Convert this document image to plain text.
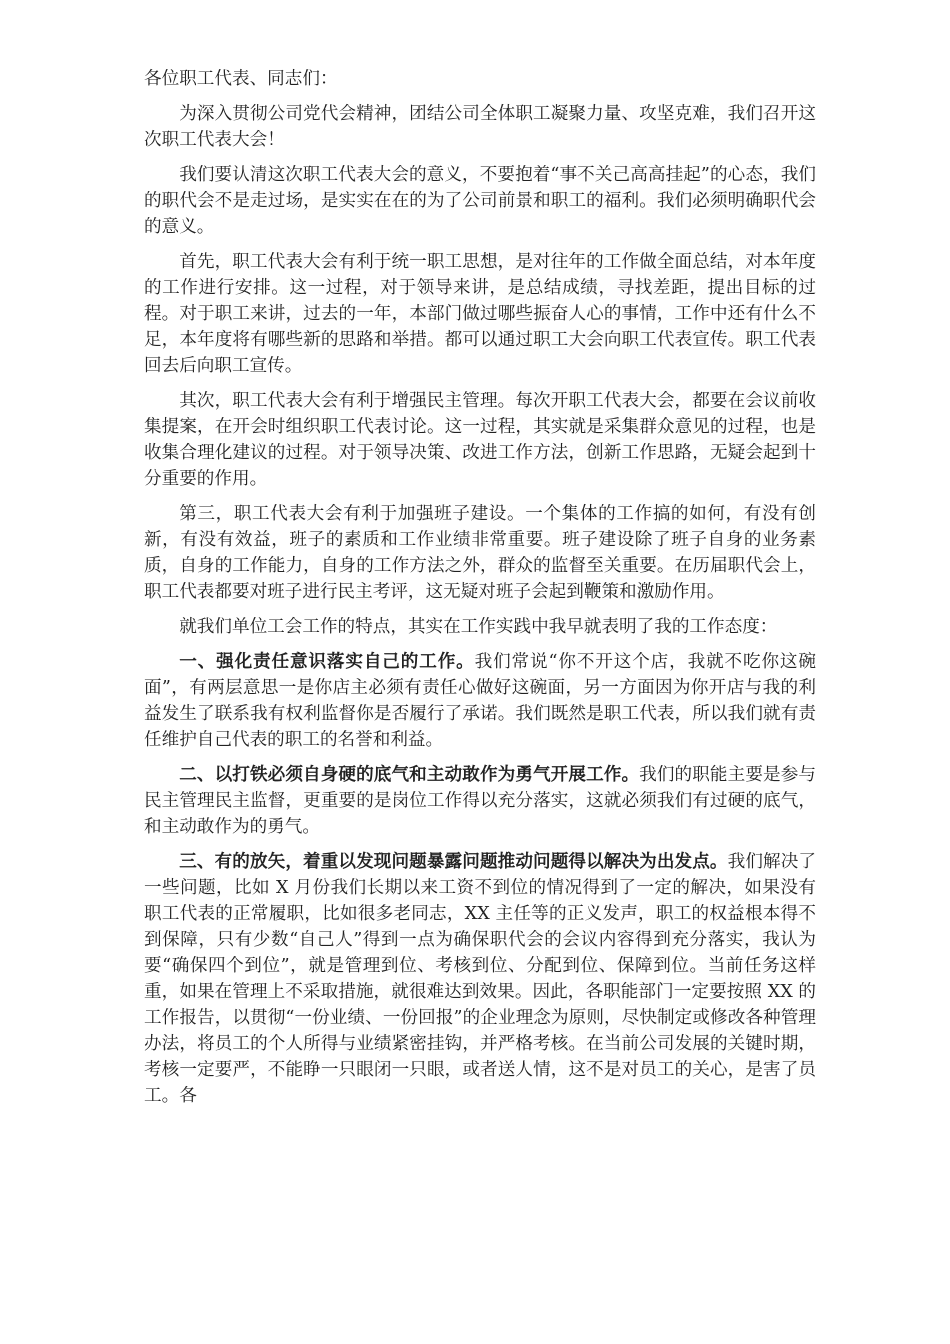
各位职工代表、同志们：

为深入贯彻公司党代会精神，团结公司全体职工凝聚力量、攻坚克难，我们召开这次职工代表大会！

我们要认清这次职工代表大会的意义，不要抱着“事不关己高高挂起”的心态，我们的职代会不是走过场，是实实在在的为了公司前景和职工的福利。我们必须明确职代会的意义。

首先，职工代表大会有利于统一职工思想，是对往年的工作做全面总结，对本年度的工作进行安排。这一过程，对于领导来讲，是总结成绩，寻找差距，提出目标的过程。对于职工来讲，过去的一年，本部门做过哪些振奋人心的事情，工作中还有什么不足，本年度将有哪些新的思路和举措。都可以通过职工大会向职工代表宣传。职工代表回去后向职工宣传。

其次，职工代表大会有利于增强民主管理。每次开职工代表大会，都要在会议前收集提案，在开会时组织职工代表讨论。这一过程，其实就是采集群众意见的过程，也是收集合理化建议的过程。对于领导决策、改进工作方法，创新工作思路，无疑会起到十分重要的作用。

第三，职工代表大会有利于加强班子建设。一个集体的工作搞的如何，有没有创新，有没有效益，班子的素质和工作业绩非常重要。班子建设除了班子自身的业务素质，自身的工作能力，自身的工作方法之外，群众的监督至关重要。在历届职代会上，职工代表都要对班子进行民主考评，这无疑对班子会起到鞭策和激励作用。

就我们单位工会工作的特点，其实在工作实践中我早就表明了我的工作态度：

一、强化责任意识落实自己的工作。我们常说“你不开这个店，我就不吃你这碗面”，有两层意思一是你店主必须有责任心做好这碗面，另一方面因为你开店与我的利益发生了联系我有权利监督你是否履行了承诺。我们既然是职工代表，所以我们就有责任维护自己代表的职工的名誉和利益。

二、以打铁必须自身硬的底气和主动敢作为勇气开展工作。我们的职能主要是参与民主管理民主监督，更重要的是岗位工作得以充分落实，这就必须我们有过硬的底气，和主动敢作为的勇气。

三、有的放矢，着重以发现问题暴露问题推动问题得以解决为出发点。我们解决了一些问题，比如 X 月份我们长期以来工资不到位的情况得到了一定的解决，如果没有职工代表的正常履职，比如很多老同志，XX 主任等的正义发声，职工的权益根本得不到保障，只有少数“自己人”得到一点为确保职代会的会议内容得到充分落实，我认为要“确保四个到位”，就是管理到位、考核到位、分配到位、保障到位。当前任务这样重，如果在管理上不采取措施，就很难达到效果。因此，各职能部门一定要按照 XX 的工作报告，以贯彻“一份业绩、一份回报”的企业理念为原则，尽快制定或修改各种管理办法，将员工的个人所得与业绩紧密挂钩，并严格考核。在当前公司发展的关键时期，考核一定要严，不能睁一只眼闭一只眼，或者送人情，这不是对员工的关心，是害了员工。各
